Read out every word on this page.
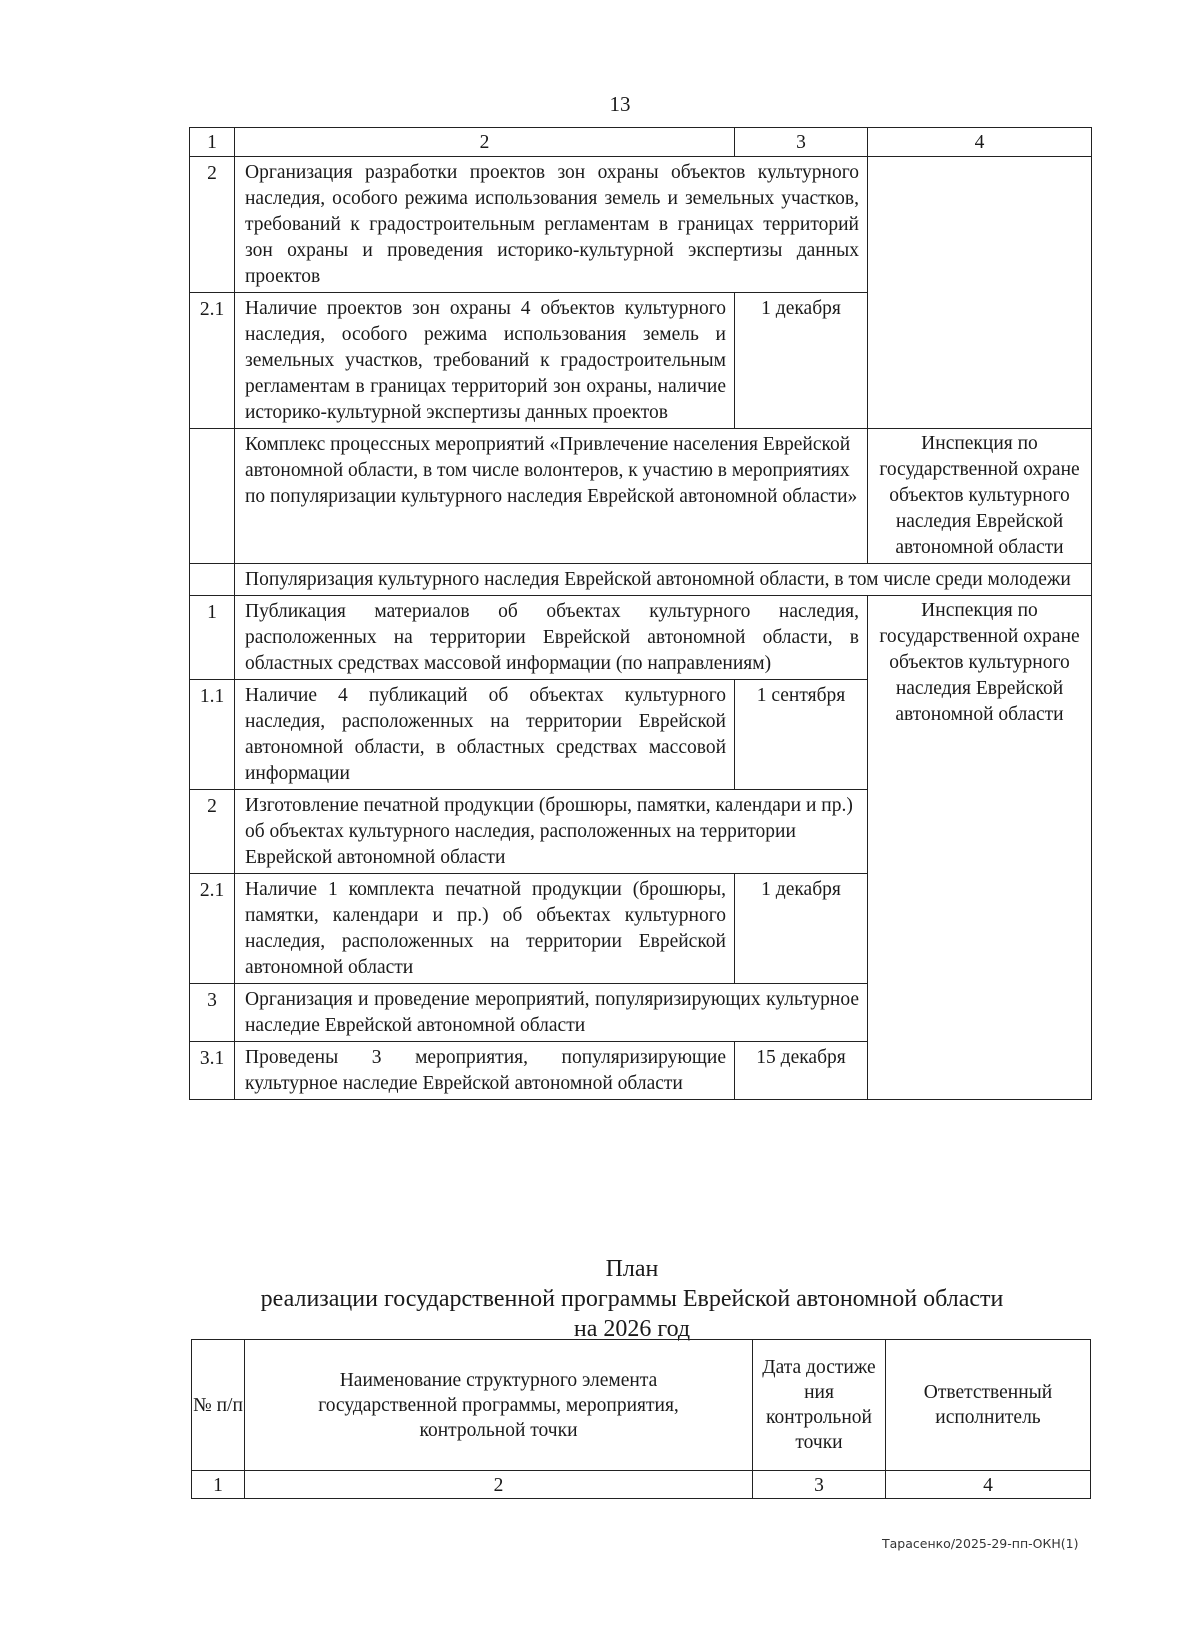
13
1	2	3	4
2	Организация разработки проектов зон охраны объектов культурного наследия, особого режима использования земель и земельных участков, требований к градостроительным регламентам в границах территорий зон охраны и проведения историко-культурной экспертизы данных проектов		
2.1	Наличие проектов зон охраны 4 объектов культурного наследия, особого режима использования земель и земельных участков, требований к градостроительным регламентам в границах территорий зон охраны, наличие историко-культурной экспертизы данных проектов	1 декабря	
	Комплекс процессных мероприятий «Привлечение населения Еврейской автономной области, в том числе волонтеров, к участию в мероприятиях по популяризации культурного наследия Еврейской автономной области»		Инспекция по государственной охране объектов культурного наследия Еврейской автономной области
	Популяризация культурного наследия Еврейской автономной области, в том числе среди молодежи		
1	Публикация материалов об объектах культурного наследия, расположенных на территории Еврейской автономной области, в областных средствах массовой информации (по направлениям)		Инспекция по государственной охране объектов культурного наследия Еврейской автономной области
1.1	Наличие 4 публикаций об объектах культурного наследия, расположенных на территории Еврейской автономной области, в областных средствах массовой информации	1 сентября	
2	Изготовление печатной продукции (брошюры, памятки, календари и пр.) об объектах культурного наследия, расположенных на территории Еврейской автономной области		
2.1	Наличие 1 комплекта печатной продукции (брошюры, памятки, календари и пр.) об объектах культурного наследия, расположенных на территории Еврейской автономной области	1 декабря	
3	Организация и проведение мероприятий, популяризирующих культурное наследие Еврейской автономной области		
3.1	Проведены 3 мероприятия, популяризирующие культурное наследие Еврейской автономной области	15 декабря	
План
реализации государственной программы Еврейской автономной области
на 2026 год
№ п/п	Наименование структурного элемента государственной программы, мероприятия, контрольной точки	Дата достиже ния контрольной точки	Ответственный исполнитель
1	2	3	4
Тарасенко/2025-29-пп-ОКН(1)
